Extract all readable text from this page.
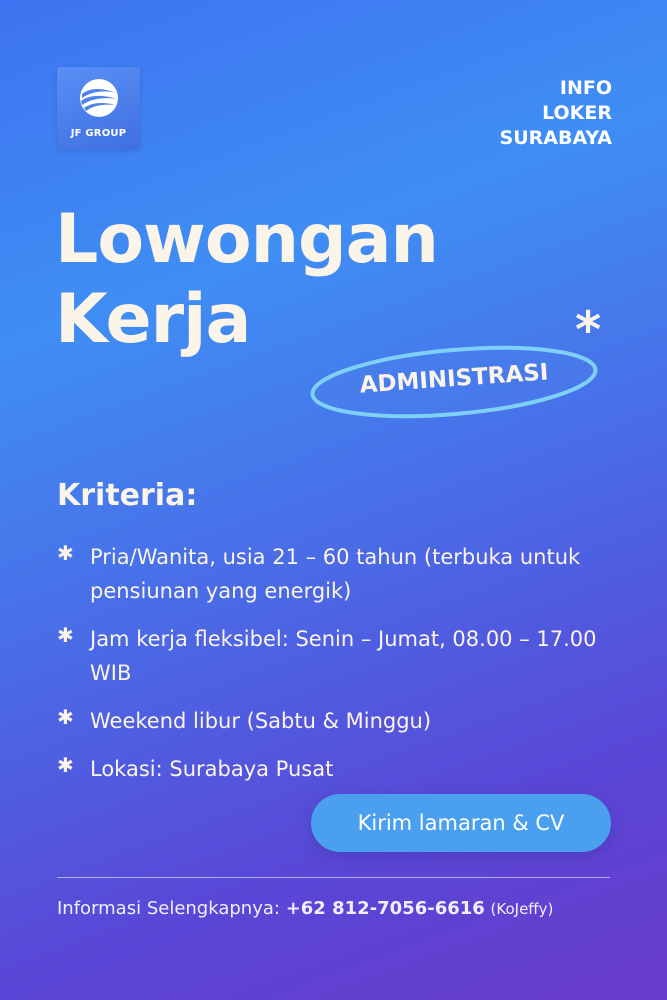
JF GROUP
INFO
LOKER
SURABAYA
Lowongan
Kerja
ADMINISTRASI
*
Kriteria:
✱ Pria/Wanita, usia 21 – 60 tahun (terbuka untuk pensiunan yang energik)
✱ Jam kerja fleksibel: Senin – Jumat, 08.00 – 17.00 WIB
✱ Weekend libur (Sabtu & Minggu)
✱ Lokasi: Surabaya Pusat
Kirim lamaran & CV
Informasi Selengkapnya: +62 812-7056-6616 (KoJeffy)
